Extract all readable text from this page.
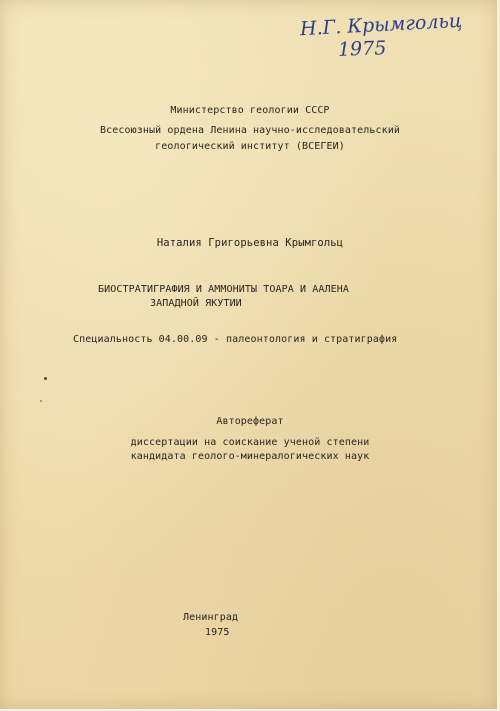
Н.Г. Крымгольц
1975
Министерство геологии СССР
Всесоюзный ордена Ленина научно-исследовательский
геологический институт (ВСЕГЕИ)
Наталия Григорьевна Крымгольц
БИОСТРАТИГРАФИЯ И АММОНИТЫ ТОАРА И ААЛЕНА
ЗАПАДНОЙ ЯКУТИИ
Специальность 04.00.09 - палеонтология и стратиграфия
Автореферат
диссертации на соискание ученой степени
кандидата геолого-минералогических наук
Ленинград
1975
